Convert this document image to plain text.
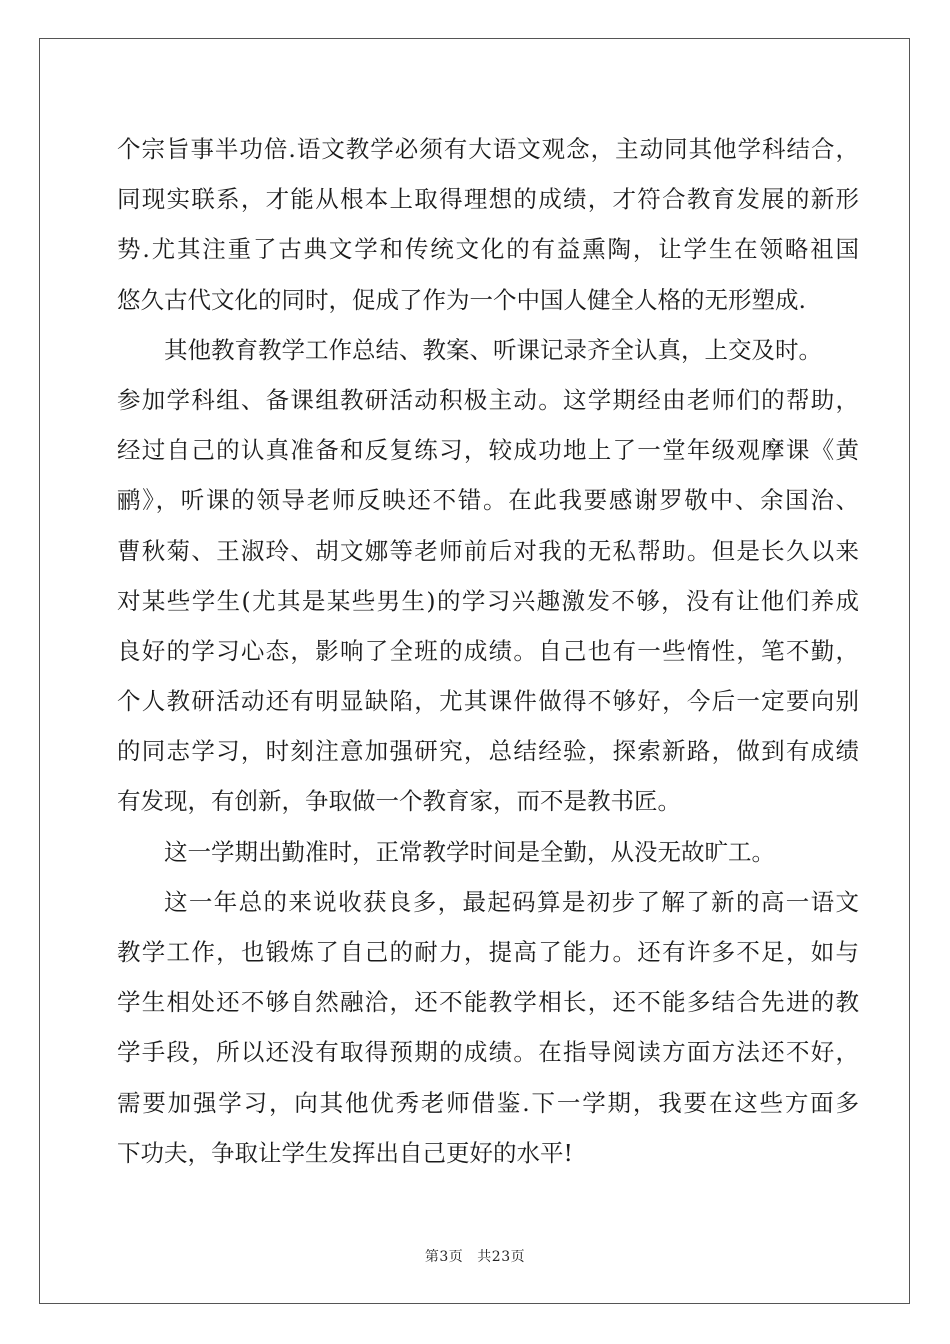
个宗旨事半功倍.语文教学必须有大语文观念，主动同其他学科结合，
同现实联系，才能从根本上取得理想的成绩，才符合教育发展的新形
势.尤其注重了古典文学和传统文化的有益熏陶，让学生在领略祖国
悠久古代文化的同时，促成了作为一个中国人健全人格的无形塑成.
其他教育教学工作总结、教案、听课记录齐全认真，上交及时。
参加学科组、备课组教研活动积极主动。这学期经由老师们的帮助，
经过自己的认真准备和反复练习，较成功地上了一堂年级观摩课《黄
鹂》，听课的领导老师反映还不错。在此我要感谢罗敬中、余国治、
曹秋菊、王淑玲、胡文娜等老师前后对我的无私帮助。但是长久以来
对某些学生(尤其是某些男生)的学习兴趣激发不够，没有让他们养成
良好的学习心态，影响了全班的成绩。自己也有一些惰性，笔不勤，
个人教研活动还有明显缺陷，尤其课件做得不够好，今后一定要向别
的同志学习，时刻注意加强研究，总结经验，探索新路，做到有成绩
有发现，有创新，争取做一个教育家，而不是教书匠。
这一学期出勤准时，正常教学时间是全勤，从没无故旷工。
这一年总的来说收获良多，最起码算是初步了解了新的高一语文
教学工作，也锻炼了自己的耐力，提高了能力。还有许多不足，如与
学生相处还不够自然融洽，还不能教学相长，还不能多结合先进的教
学手段，所以还没有取得预期的成绩。在指导阅读方面方法还不好，
需要加强学习，向其他优秀老师借鉴.下一学期，我要在这些方面多
下功夫，争取让学生发挥出自己更好的水平!
第3页 共23页
